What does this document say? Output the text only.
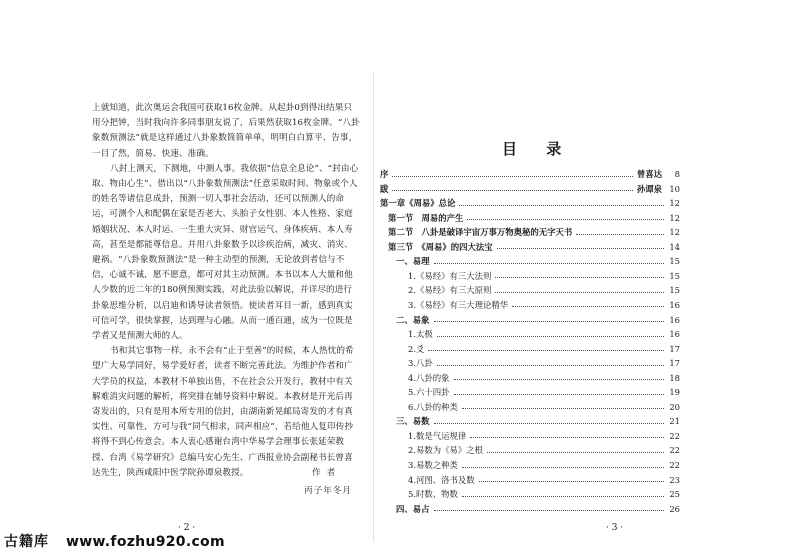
上就知道，此次奥运会我国可获取16枚金牌。从起卦0到得出结果只用分把钟，当时我向许多同事朋友说了，后果然获取16枚金牌。“八卦象数预测法”就是这样通过八卦象数简简单单，明明白白算平、告事，一目了然，简易、快速、准确。

八封上测天，下测地，中测人事。我依据“信息全息论”、“封由心取、物由心生”、借出以“八卦象数预测法”任意采取时间、物象或个人的姓名等诸信息成卦，预测一切人事社会活动，还可以预测人的命运，可测个人和配偶在家是否老大、头胎子女性别、本人性格、家庭婚姻状况、本人时运、一生重大灾异、财官运气、身体疾病、本人寿高，甚至是都能尊信息。并用八卦象数予以诊疾治病，减灾、消灾、避祸。“八卦象数预测法”是一种主动型的预测，无论放到者信与不信，心诚不诚，愿不愿意，都可对其主动预测。本书以本人大量和他人少数的近二年的180例预测实践，对此法验以解说，并详尽的进行卦象思维分析，以启迪和诱导读者领悟。使读者耳目一新，感到真实可信可学，很快掌握，达到理与心融。从而一通百通，成为一位既是学者又是预测大师的人。

书和其它事物一样，永不会有“止于至善”的时候，本人热忱的希望广大易学同好，易学爱好者，读者不断完善此法。为维护作者和广大学员的权益，本教材不单独出售，不在社会公开发行，教材中有关解难消灾问题的解析，将突排在辅导资料中解说。本教材是开光后再寄发出的，只有是用本所专用的信封，由湖南新晃邮局寄发的才有真实性、可靠性，方可与我“同气相求，同声相应”，若给他人复印传抄将得不到心传意会。本人衷心感谢台湾中华易学会理事长张延荣教授、台湾《易学研究》总编马安心先生、广西报业协会副秘书长曾喜达先生，陕西咸阳中医学院孙谭泉教授。	作者
丙子年冬月
· 2 ·
目 录
序	曾喜达	8
跋	孙谭泉 10
第一章《周易》总论	12
第一节　周易的产生	12
第二节　八卦是破译宇宙万事万物奥秘的无字天书	12
第三节　《周易》的四大法宝	14
一、易理	15
1.《易经》有三大法则	15
2.《易经》有三大原则	15
3.《易经》有三大理论精华	16
二、易象	16
1.太极	16
2.爻	17
3.八卦	17
4.八卦的象	18
5.六十四卦	19
6.八卦的种类	20
三、易数	21
1.数是气运规律	22
2.易数为《易》之根	22
3.易数之种类	22
4.河图、洛书及数	23
5.时数、物数	25
四、易占	26
· 3 ·
古籍库 www.fozhu920.com
